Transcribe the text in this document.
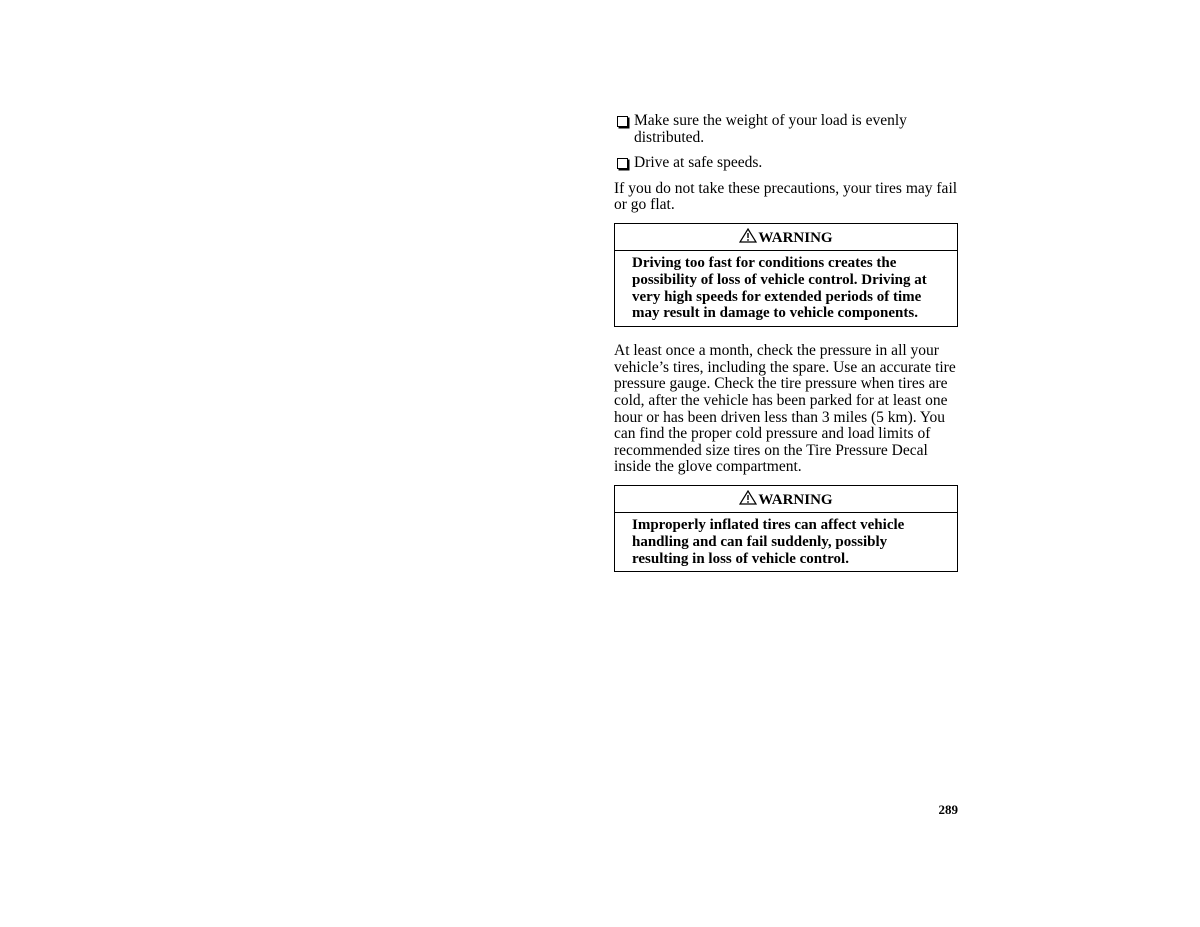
Make sure the weight of your load is evenly distributed.
Drive at safe speeds.

If you do not take these precautions, your tires may fail or go flat.

WARNING
Driving too fast for conditions creates the possibility of loss of vehicle control. Driving at very high speeds for extended periods of time may result in damage to vehicle components.

At least once a month, check the pressure in all your vehicle’s tires, including the spare. Use an accurate tire pressure gauge. Check the tire pressure when tires are cold, after the vehicle has been parked for at least one hour or has been driven less than 3 miles (5 km). You can find the proper cold pressure and load limits of recommended size tires on the Tire Pressure Decal inside the glove compartment.

WARNING
Improperly inflated tires can affect vehicle handling and can fail suddenly, possibly resulting in loss of vehicle control.
289
